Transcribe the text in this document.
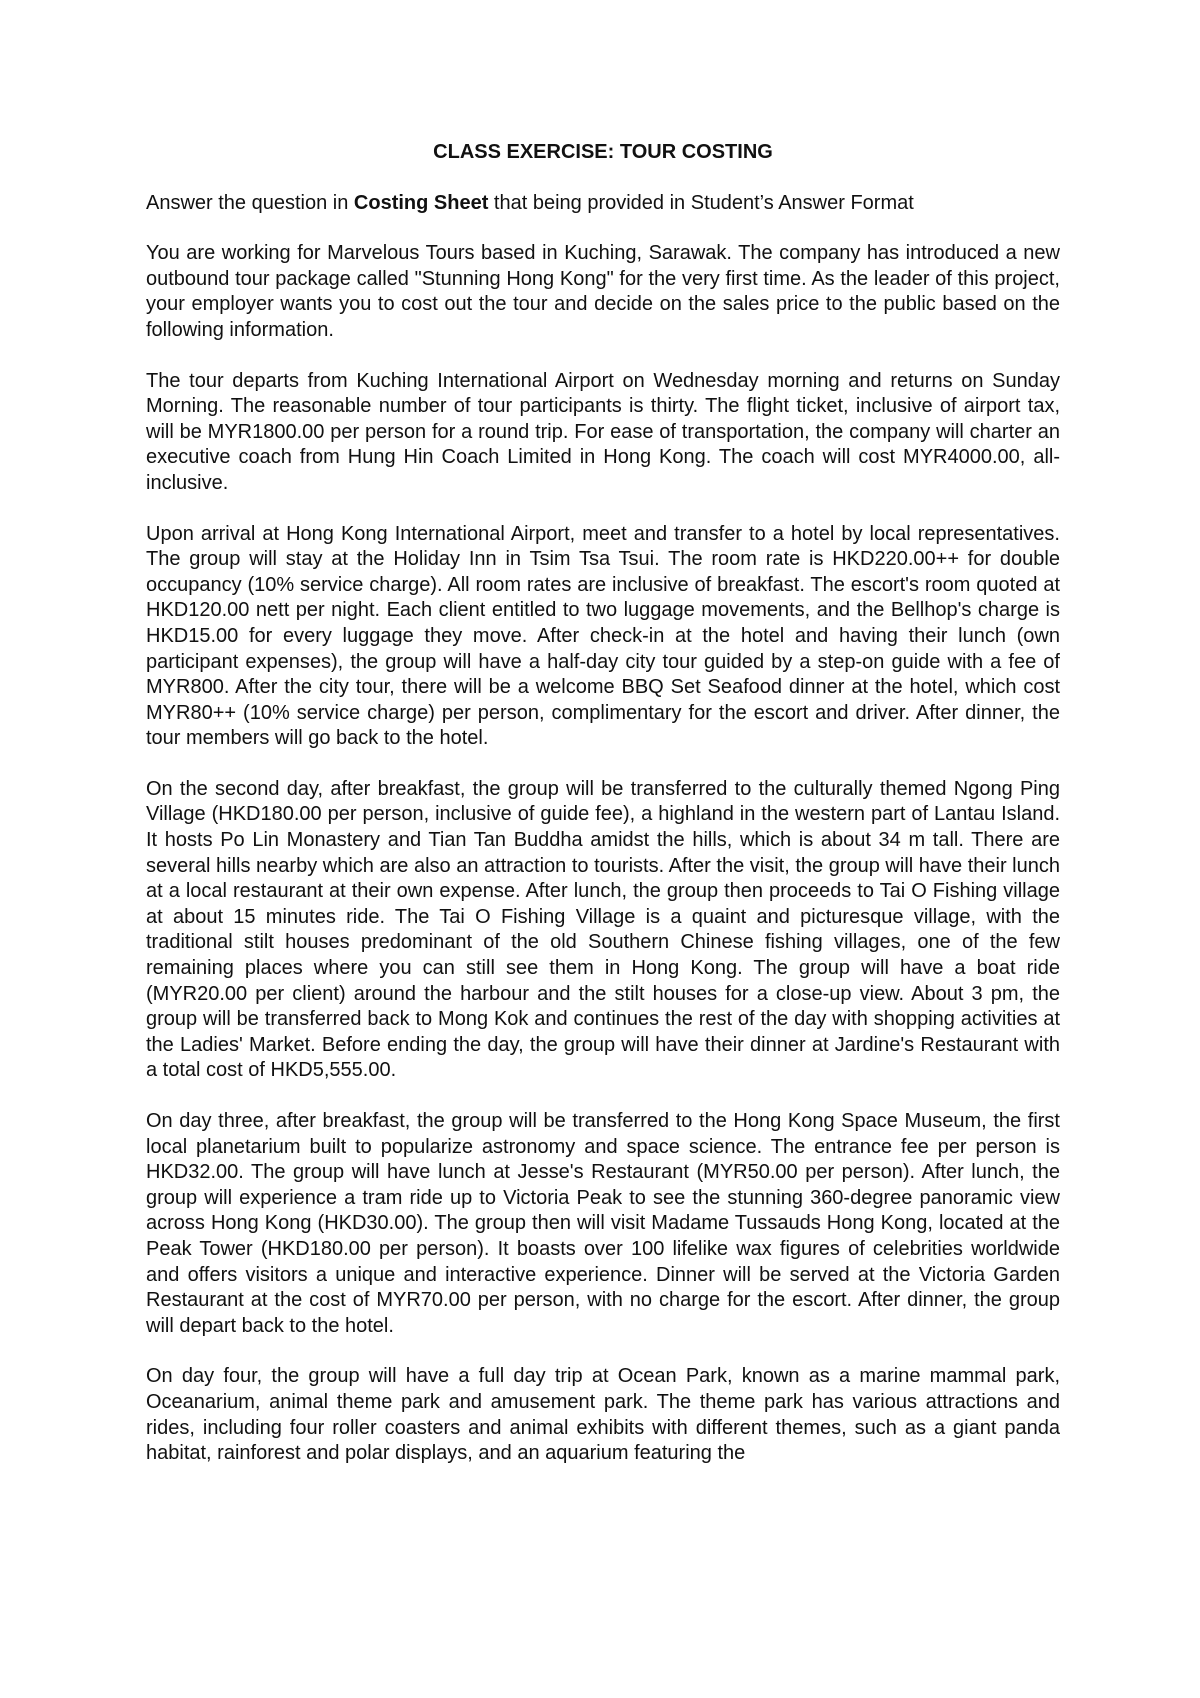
CLASS EXERCISE: TOUR COSTING
Answer the question in Costing Sheet that being provided in Student’s Answer Format

You are working for Marvelous Tours based in Kuching, Sarawak. The company has introduced a new outbound tour package called "Stunning Hong Kong" for the very first time. As the leader of this project, your employer wants you to cost out the tour and decide on the sales price to the public based on the following information.

The tour departs from Kuching International Airport on Wednesday morning and returns on Sunday Morning. The reasonable number of tour participants is thirty. The flight ticket, inclusive of airport tax, will be MYR1800.00 per person for a round trip. For ease of transportation, the company will charter an executive coach from Hung Hin Coach Limited in Hong Kong. The coach will cost MYR4000.00, all-inclusive.

Upon arrival at Hong Kong International Airport, meet and transfer to a hotel by local representatives. The group will stay at the Holiday Inn in Tsim Tsa Tsui. The room rate is HKD220.00++ for double occupancy (10% service charge). All room rates are inclusive of breakfast. The escort's room quoted at HKD120.00 nett per night. Each client entitled to two luggage movements, and the Bellhop's charge is HKD15.00 for every luggage they move. After check-in at the hotel and having their lunch (own participant expenses), the group will have a half-day city tour guided by a step-on guide with a fee of MYR800. After the city tour, there will be a welcome BBQ Set Seafood dinner at the hotel, which cost MYR80++ (10% service charge) per person, complimentary for the escort and driver. After dinner, the tour members will go back to the hotel.

On the second day, after breakfast, the group will be transferred to the culturally themed Ngong Ping Village (HKD180.00 per person, inclusive of guide fee), a highland in the western part of Lantau Island. It hosts Po Lin Monastery and Tian Tan Buddha amidst the hills, which is about 34 m tall. There are several hills nearby which are also an attraction to tourists. After the visit, the group will have their lunch at a local restaurant at their own expense. After lunch, the group then proceeds to Tai O Fishing village at about 15 minutes ride. The Tai O Fishing Village is a quaint and picturesque village, with the traditional stilt houses predominant of the old Southern Chinese fishing villages, one of the few remaining places where you can still see them in Hong Kong. The group will have a boat ride (MYR20.00 per client) around the harbour and the stilt houses for a close-up view. About 3 pm, the group will be transferred back to Mong Kok and continues the rest of the day with shopping activities at the Ladies' Market. Before ending the day, the group will have their dinner at Jardine's Restaurant with a total cost of HKD5,555.00.

On day three, after breakfast, the group will be transferred to the Hong Kong Space Museum, the first local planetarium built to popularize astronomy and space science. The entrance fee per person is HKD32.00. The group will have lunch at Jesse's Restaurant (MYR50.00 per person). After lunch, the group will experience a tram ride up to Victoria Peak to see the stunning 360-degree panoramic view across Hong Kong (HKD30.00). The group then will visit Madame Tussauds Hong Kong, located at the Peak Tower (HKD180.00 per person). It boasts over 100 lifelike wax figures of celebrities worldwide and offers visitors a unique and interactive experience. Dinner will be served at the Victoria Garden Restaurant at the cost of MYR70.00 per person, with no charge for the escort. After dinner, the group will depart back to the hotel.

On day four, the group will have a full day trip at Ocean Park, known as a marine mammal park, Oceanarium, animal theme park and amusement park. The theme park has various attractions and rides, including four roller coasters and animal exhibits with different themes, such as a giant panda habitat, rainforest and polar displays, and an aquarium featuring the
